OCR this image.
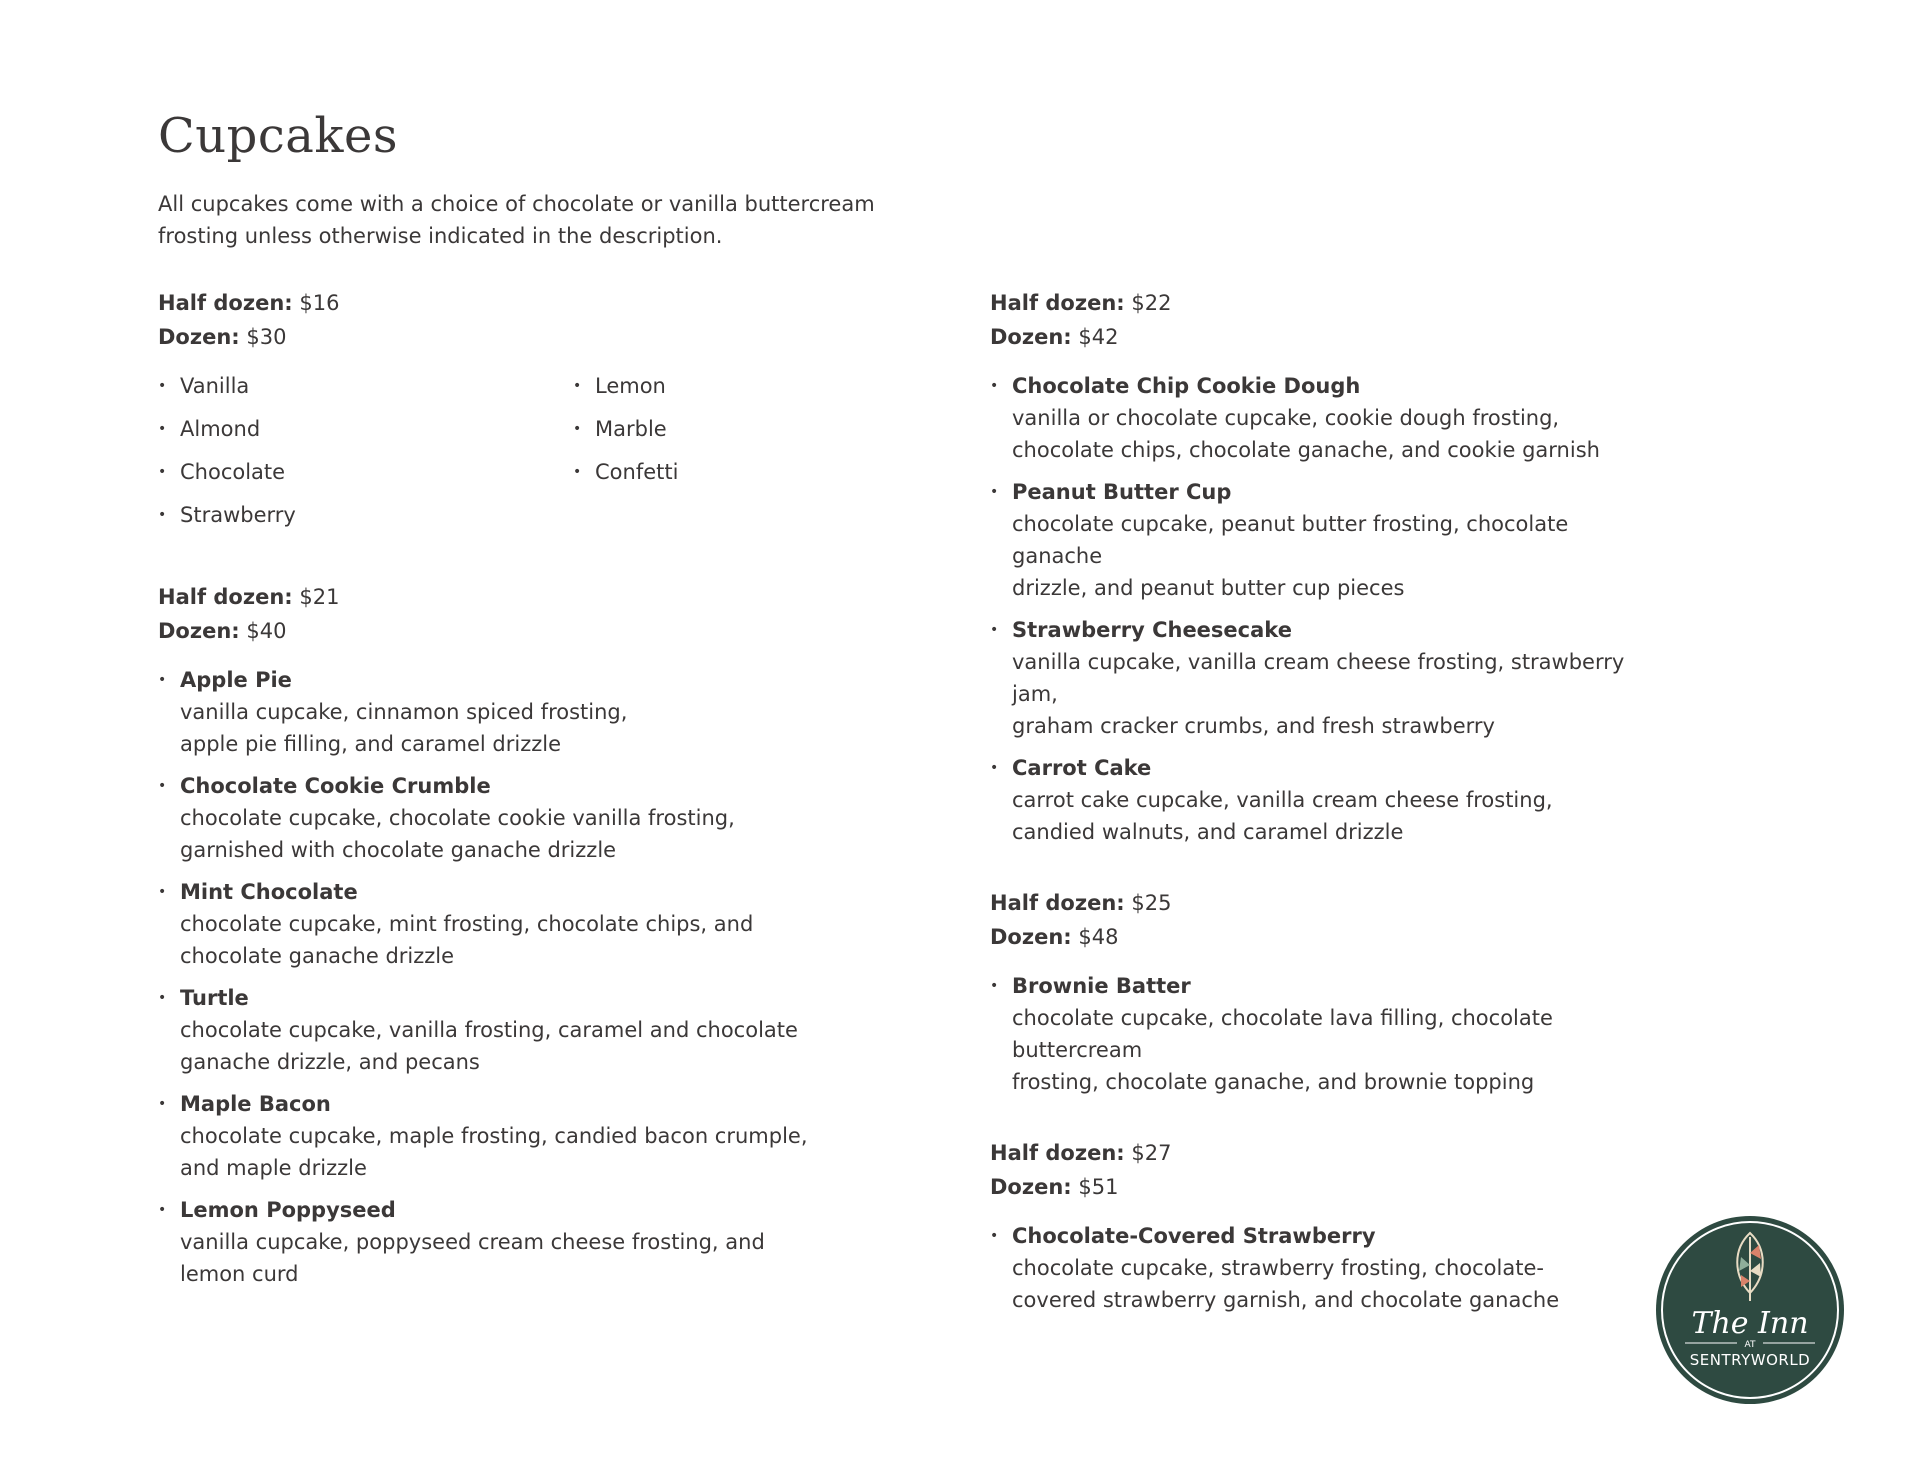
Cupcakes

All cupcakes come with a choice of chocolate or vanilla buttercream frosting unless otherwise indicated in the description.

Half dozen: $16

Dozen: $30

• Vanilla
• Almond
• Chocolate
• Strawberry
• Lemon
• Marble
• Confetti

Half dozen: $21

Dozen: $40

• Apple Pie
vanilla cupcake, cinnamon spiced frosting,
apple pie filling, and caramel drizzle
• Chocolate Cookie Crumble
chocolate cupcake, chocolate cookie vanilla frosting,
garnished with chocolate ganache drizzle
• Mint Chocolate
chocolate cupcake, mint frosting, chocolate chips, and
chocolate ganache drizzle
• Turtle
chocolate cupcake, vanilla frosting, caramel and chocolate
ganache drizzle, and pecans
• Maple Bacon
chocolate cupcake, maple frosting, candied bacon crumple,
and maple drizzle
• Lemon Poppyseed
vanilla cupcake, poppyseed cream cheese frosting, and
lemon curd

Half dozen: $22

Dozen: $42

• Chocolate Chip Cookie Dough
vanilla or chocolate cupcake, cookie dough frosting,
chocolate chips, chocolate ganache, and cookie garnish
• Peanut Butter Cup
chocolate cupcake, peanut butter frosting, chocolate ganache
drizzle, and peanut butter cup pieces
• Strawberry Cheesecake
vanilla cupcake, vanilla cream cheese frosting, strawberry jam,
graham cracker crumbs, and fresh strawberry
• Carrot Cake
carrot cake cupcake, vanilla cream cheese frosting,
candied walnuts, and caramel drizzle

Half dozen: $25

Dozen: $48

• Brownie Batter
chocolate cupcake, chocolate lava filling, chocolate buttercream
frosting, chocolate ganache, and brownie topping

Half dozen: $27

Dozen: $51

• Chocolate-Covered Strawberry
chocolate cupcake, strawberry frosting, chocolate-
covered strawberry garnish, and chocolate ganache
The Inn
AT
SENTRYWORLD
